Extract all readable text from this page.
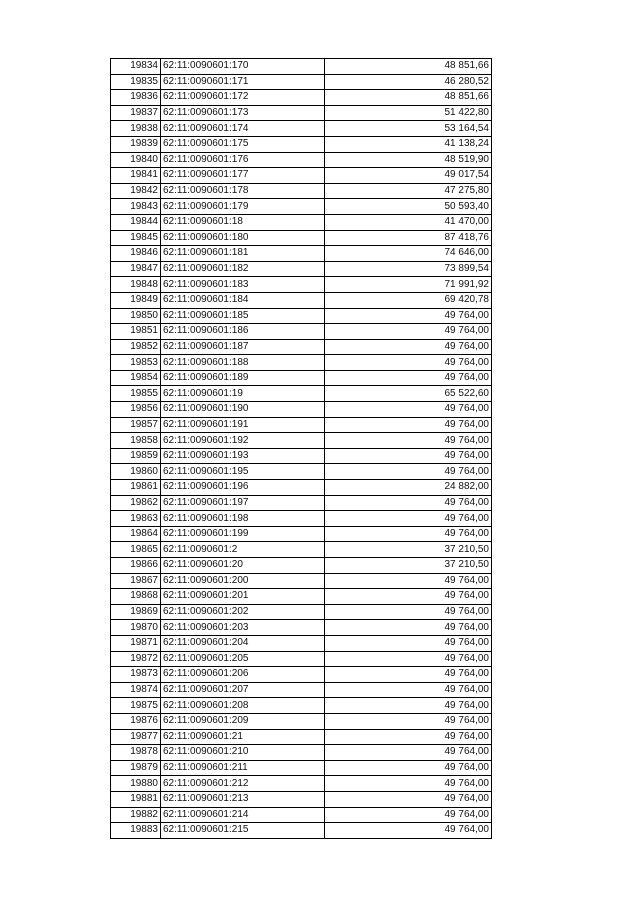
19834	62:11:0090601:170	48 851,66
19835	62:11:0090601:171	46 280,52
19836	62:11:0090601:172	48 851,66
19837	62:11:0090601:173	51 422,80
19838	62:11:0090601:174	53 164,54
19839	62:11:0090601:175	41 138,24
19840	62:11:0090601:176	48 519,90
19841	62:11:0090601:177	49 017,54
19842	62:11:0090601:178	47 275,80
19843	62:11:0090601:179	50 593,40
19844	62:11:0090601:18	41 470,00
19845	62:11:0090601:180	87 418,76
19846	62:11:0090601:181	74 646,00
19847	62:11:0090601:182	73 899,54
19848	62:11:0090601:183	71 991,92
19849	62:11:0090601:184	69 420,78
19850	62:11:0090601:185	49 764,00
19851	62:11:0090601:186	49 764,00
19852	62:11:0090601:187	49 764,00
19853	62:11:0090601:188	49 764,00
19854	62:11:0090601:189	49 764,00
19855	62:11:0090601:19	65 522,60
19856	62:11:0090601:190	49 764,00
19857	62:11:0090601:191	49 764,00
19858	62:11:0090601:192	49 764,00
19859	62:11:0090601:193	49 764,00
19860	62:11:0090601:195	49 764,00
19861	62:11:0090601:196	24 882,00
19862	62:11:0090601:197	49 764,00
19863	62:11:0090601:198	49 764,00
19864	62:11:0090601:199	49 764,00
19865	62:11:0090601:2	37 210,50
19866	62:11:0090601:20	37 210,50
19867	62:11:0090601:200	49 764,00
19868	62:11:0090601:201	49 764,00
19869	62:11:0090601:202	49 764,00
19870	62:11:0090601:203	49 764,00
19871	62:11:0090601:204	49 764,00
19872	62:11:0090601:205	49 764,00
19873	62:11:0090601:206	49 764,00
19874	62:11:0090601:207	49 764,00
19875	62:11:0090601:208	49 764,00
19876	62:11:0090601:209	49 764,00
19877	62:11:0090601:21	49 764,00
19878	62:11:0090601:210	49 764,00
19879	62:11:0090601:211	49 764,00
19880	62:11:0090601:212	49 764,00
19881	62:11:0090601:213	49 764,00
19882	62:11:0090601:214	49 764,00
19883	62:11:0090601:215	49 764,00
